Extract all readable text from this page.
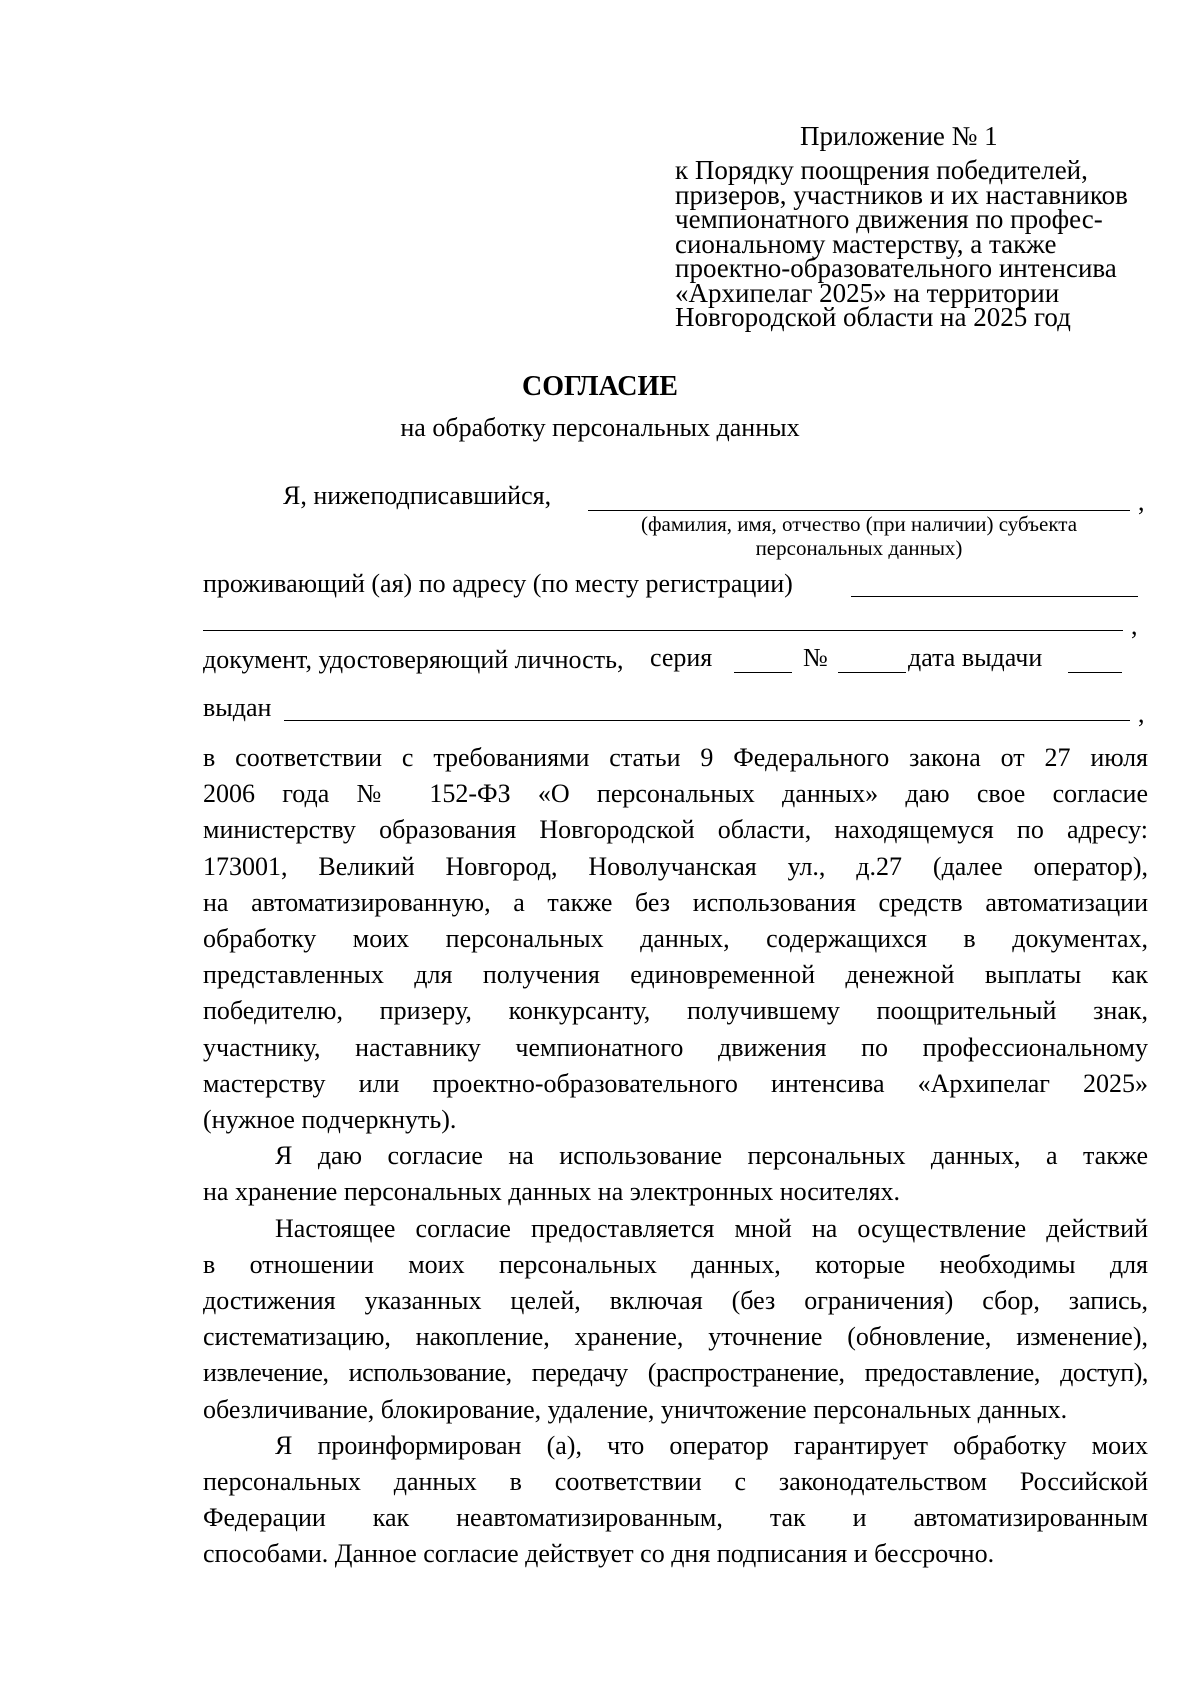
Приложение № 1
к Порядку поощрения победителей,
призеров, участников и их наставников
чемпионатного движения по профес-
сиональному мастерству, а также
проектно-образовательного интенсива
«Архипелаг 2025» на территории
Новгородской области на 2025 год
СОГЛАСИЕ
на обработку персональных данных
Я, нижеподписавшийся,	,
(фамилия, имя, отчество (при наличии) субъекта
персональных данных)
проживающий (ая) по адресу (по месту регистрации)
,
документ, удостоверяющий личность, серия	№	дата выдачи
выдан	,

в соответствии с требованиями статьи 9 Федерального закона от 27 июля
2006 года № 152-ФЗ «О персональных данных» даю свое согласие
министерству образования Новгородской области, находящемуся по адресу:
173001, Великий Новгород, Новолучанская ул., д.27 (далее оператор),
на автоматизированную, а также без использования средств автоматизации
обработку моих персональных данных, содержащихся в документах,
представленных для получения единовременной денежной выплаты как
победителю, призеру, конкурсанту, получившему поощрительный знак,
участнику, наставнику чемпионатного движения по профессиональному
мастерству или проектно-образовательного интенсива «Архипелаг 2025»
(нужное подчеркнуть).

Я даю согласие на использование персональных данных, а также
на хранение персональных данных на электронных носителях.

Настоящее согласие предоставляется мной на осуществление действий
в отношении моих персональных данных, которые необходимы для
достижения указанных целей, включая (без ограничения) сбор, запись,
систематизацию, накопление, хранение, уточнение (обновление, изменение),
извлечение, использование, передачу (распространение, предоставление, доступ),
обезличивание, блокирование, удаление, уничтожение персональных данных.

Я проинформирован (а), что оператор гарантирует обработку моих
персональных данных в соответствии с законодательством Российской
Федерации как неавтоматизированным, так и автоматизированным
способами. Данное согласие действует со дня подписания и бессрочно.
